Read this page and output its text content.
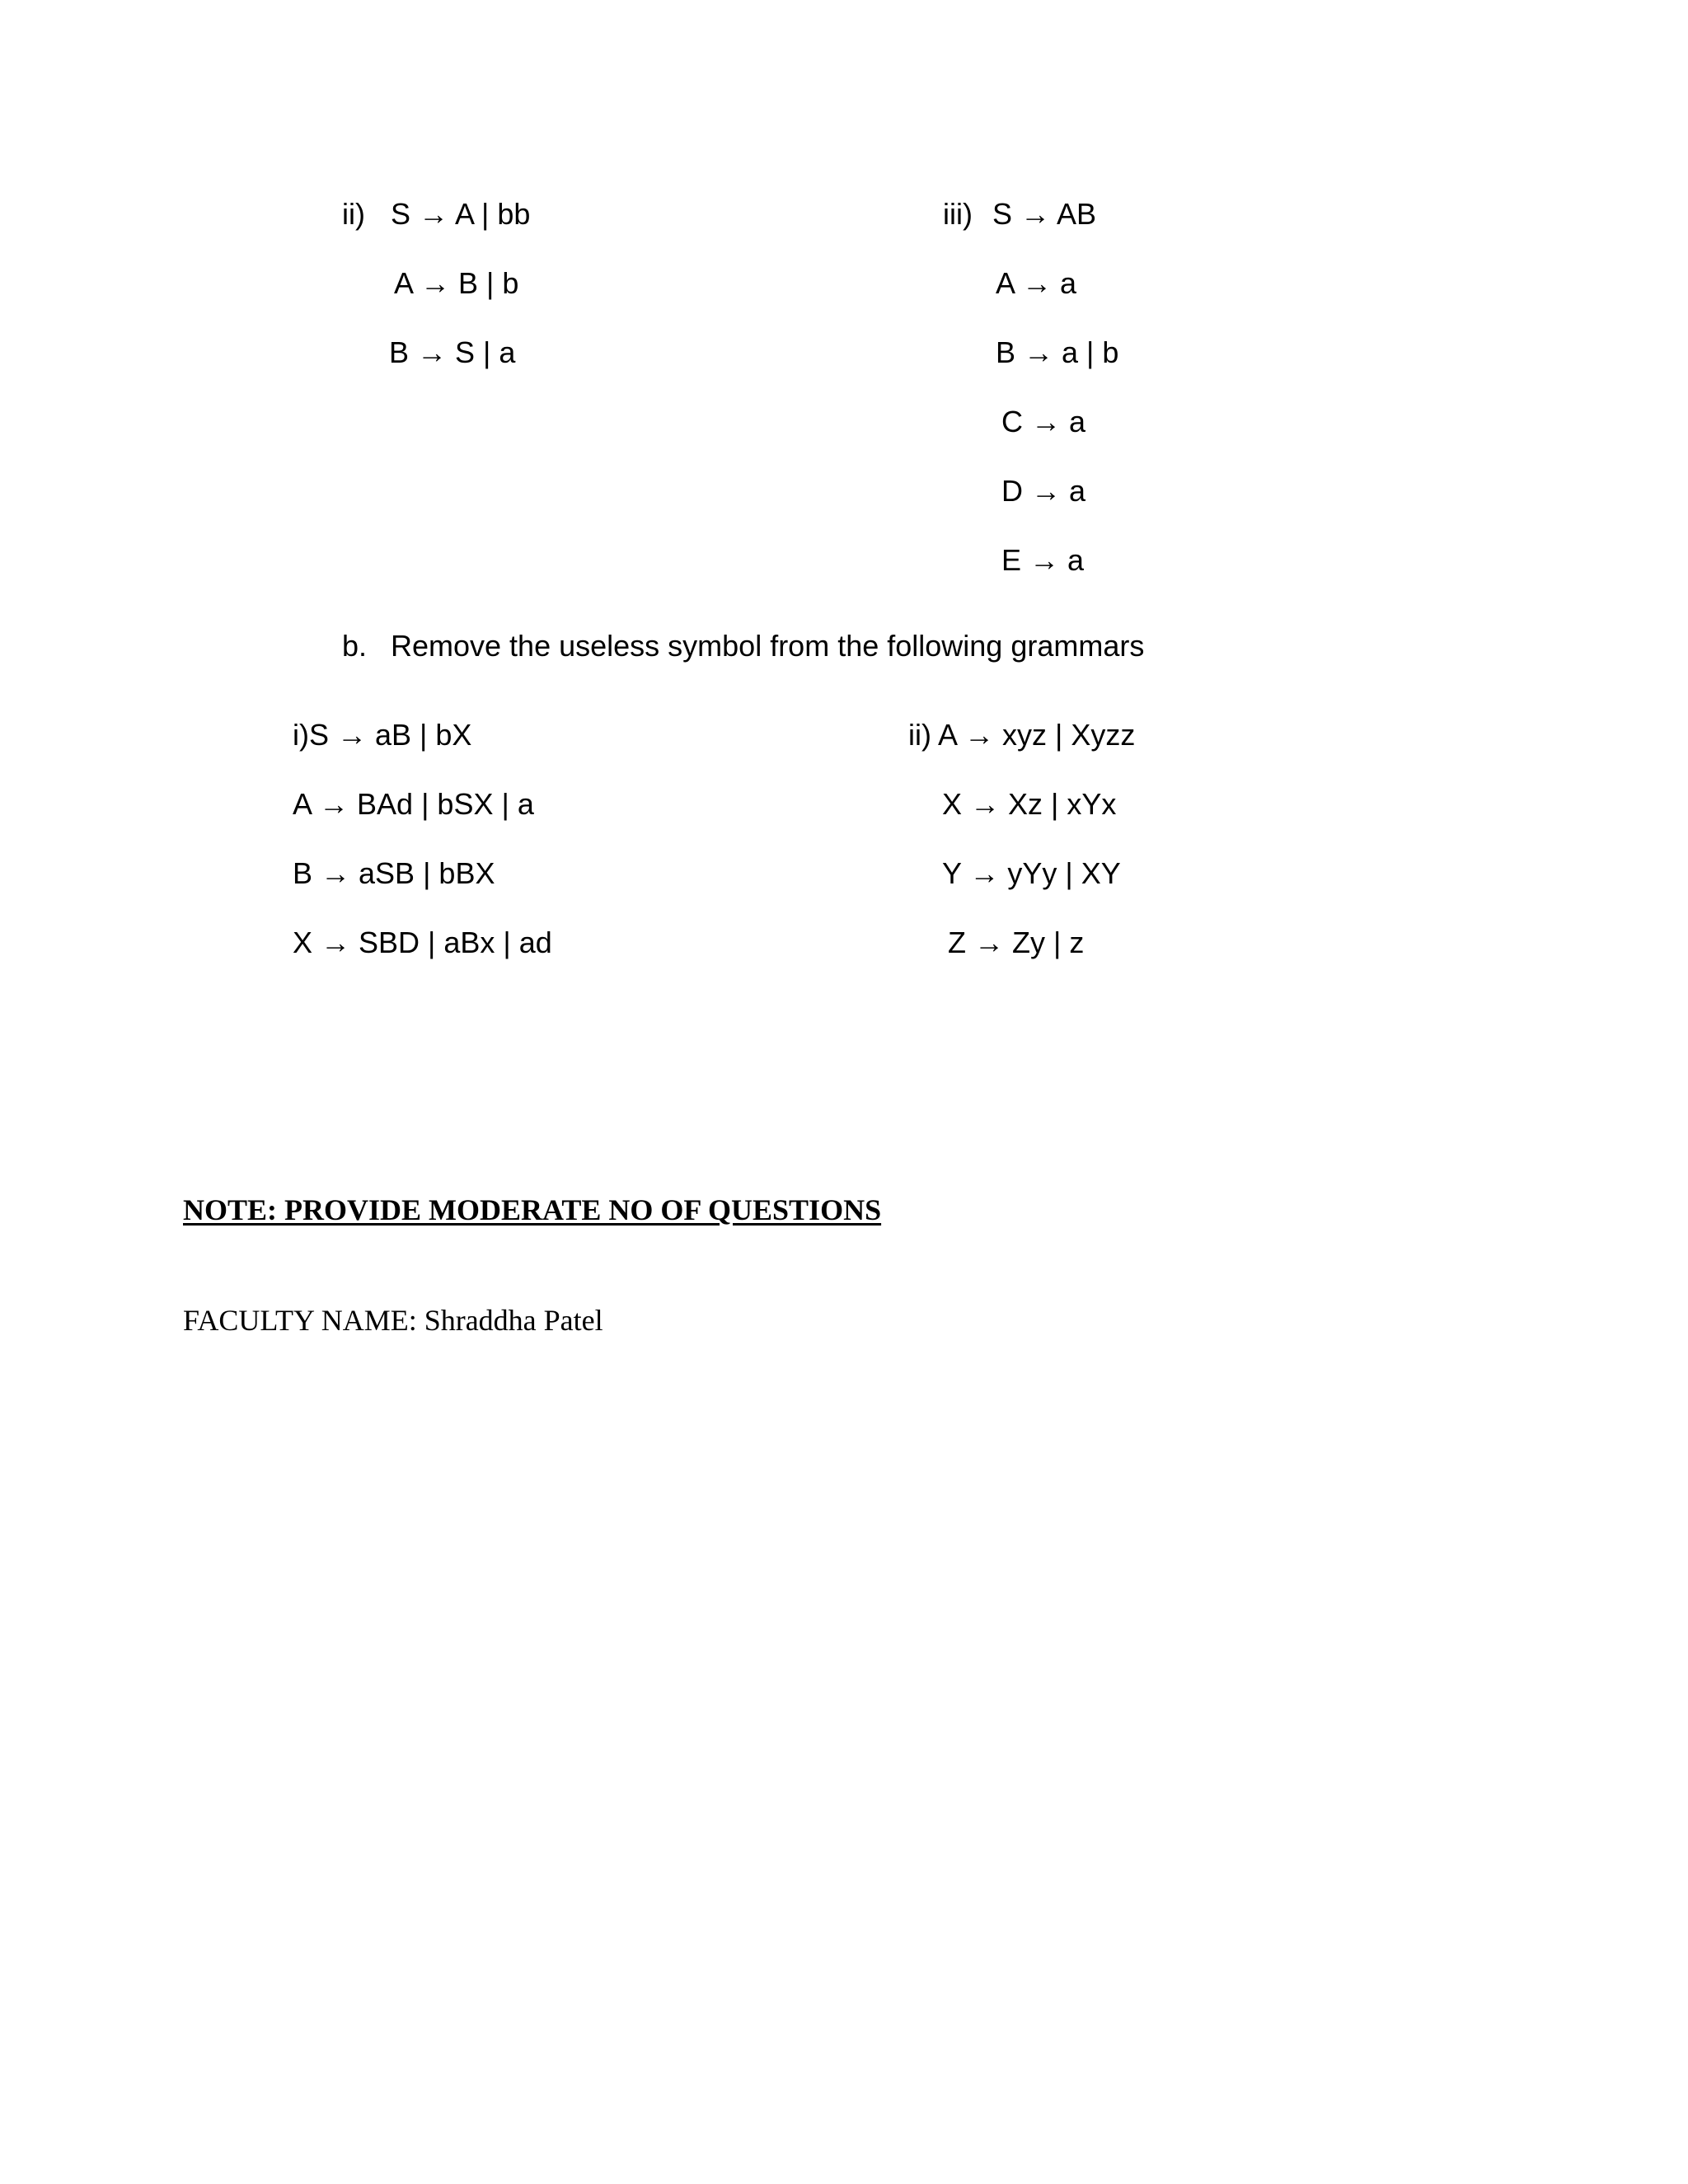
ii) S → A | bb
A → B | b
B → S | a
iii) S → AB
A → a
B → a | b
C → a
D → a
E → a
b. Remove the useless symbol from the following grammars
i)S → aB | bX
A → BAd | bSX | a
B → aSB | bBX
X → SBD | aBx | ad
ii) A → xyz | Xyzz
X → Xz | xYx
Y → yYy | XY
Z → Zy | z
NOTE: PROVIDE MODERATE NO OF QUESTIONS
FACULTY NAME: Shraddha Patel
